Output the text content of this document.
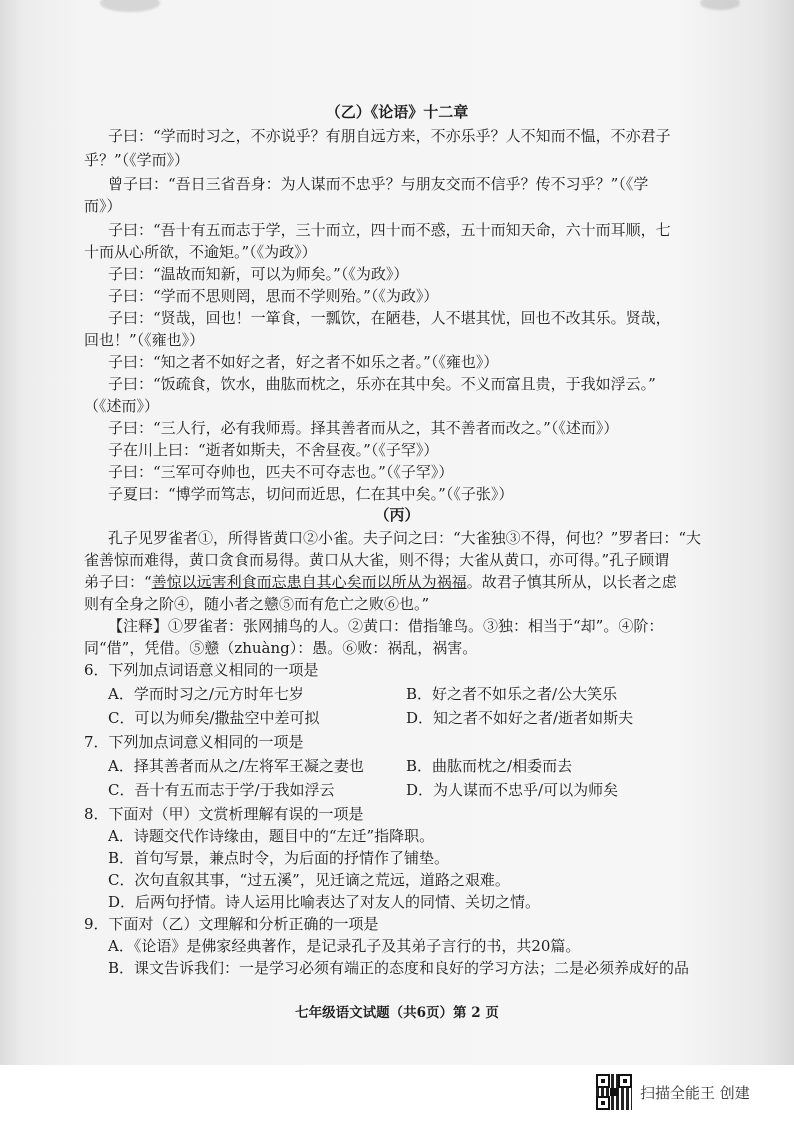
（乙）《论语》十二章
子曰：“学而时习之，不亦说乎？有朋自远方来，不亦乐乎？人不知而不愠，不亦君子
乎？”（《学而》）
曾子曰：“吾日三省吾身：为人谋而不忠乎？与朋友交而不信乎？传不习乎？”（《学
而》）
子曰：“吾十有五而志于学，三十而立，四十而不惑，五十而知天命，六十而耳顺，七
十而从心所欲，不逾矩。”（《为政》）
子曰：“温故而知新，可以为师矣。”（《为政》）
子曰：“学而不思则罔，思而不学则殆。”（《为政》）
子曰：“贤哉，回也！一箪食，一瓢饮，在陋巷，人不堪其忧，回也不改其乐。贤哉，
回也！”（《雍也》）
子曰：“知之者不如好之者，好之者不如乐之者。”（《雍也》）
子曰：“饭疏食，饮水，曲肱而枕之，乐亦在其中矣。不义而富且贵，于我如浮云。”
（《述而》）
子曰：“三人行，必有我师焉。择其善者而从之，其不善者而改之。”（《述而》）
子在川上曰：“逝者如斯夫，不舍昼夜。”（《子罕》）
子曰：“三军可夺帅也，匹夫不可夺志也。”（《子罕》）
子夏曰：“博学而笃志，切问而近思，仁在其中矣。”（《子张》）
（丙）
孔子见罗雀者①，所得皆黄口②小雀。夫子问之曰：“大雀独③不得，何也？”罗者曰：“大
雀善惊而难得，黄口贪食而易得。黄口从大雀，则不得；大雀从黄口，亦可得。”孔子顾谓
弟子曰：“善惊以远害利食而忘患自其心矣而以所从为祸福。故君子慎其所从，以长者之虑
则有全身之阶④，随小者之戆⑤而有危亡之败⑥也。”
【注释】①罗雀者：张网捕鸟的人。②黄口：借指雏鸟。③独：相当于“却”。④阶：
同“借”，凭借。⑤戆（zhuàng）：愚。⑥败：祸乱，祸害。
6．下列加点词语意义相同的一项是
A．学而时习之/元方时年七岁	B．好之者不如乐之者/公大笑乐
C．可以为师矣/撒盐空中差可拟	D．知之者不如好之者/逝者如斯夫
7．下列加点词意义相同的一项是
A．择其善者而从之/左将军王凝之妻也	B．曲肱而枕之/相委而去
C．吾十有五而志于学/于我如浮云	D．为人谋而不忠乎/可以为师矣
8．下面对（甲）文赏析理解有误的一项是
A．诗题交代作诗缘由，题目中的“左迁”指降职。
B．首句写景，兼点时令，为后面的抒情作了铺垫。
C．次句直叙其事，“过五溪”，见迁谪之荒远，道路之艰难。
D．后两句抒情。诗人运用比喻表达了对友人的同情、关切之情。
9．下面对（乙）文理解和分析正确的一项是
A．《论语》是佛家经典著作，是记录孔子及其弟子言行的书，共20篇。
B．课文告诉我们：一是学习必须有端正的态度和良好的学习方法；二是必须养成好的品
七年级语文试题（共6页）第 2 页
扫描全能王 创建
